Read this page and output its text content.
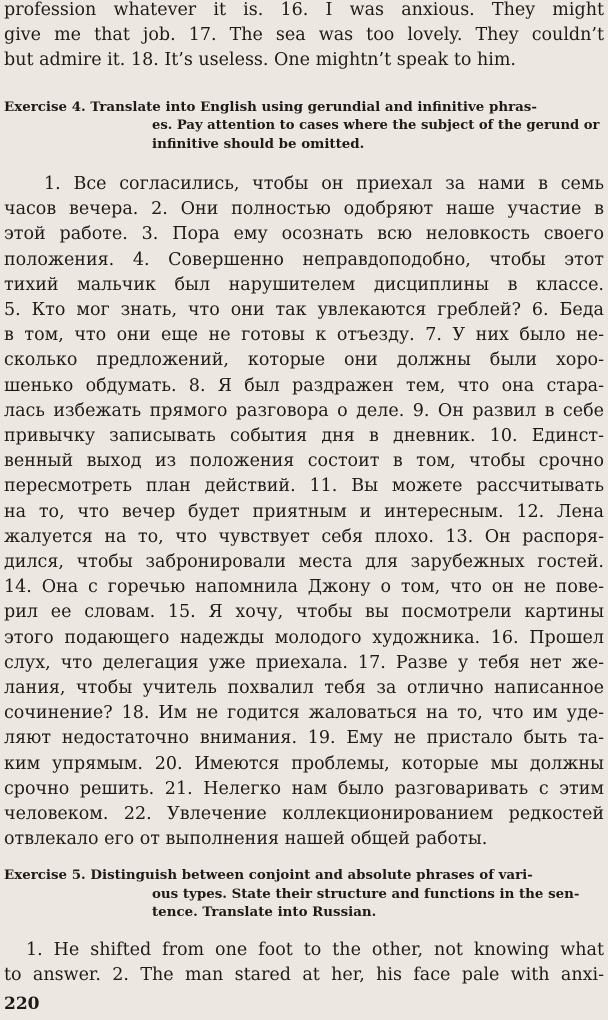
profession whatever it is. 16. I was anxious. They might
give me that job. 17. The sea was too lovely. They couldn’t
but admire it. 18. It’s useless. One mightn’t speak to him.
Exercise 4. Translate into English using gerundial and infinitive phras-
es. Pay attention to cases where the subject of the gerund or
infinitive should be omitted.
1. Все согласились, чтобы он приехал за нами в семь
часов вечера. 2. Они полностью одобряют наше участие в
этой работе. 3. Пора ему осознать всю неловкость своего
положения. 4. Совершенно неправдоподобно, чтобы этот
тихий мальчик был нарушителем дисциплины в классе.
5. Кто мог знать, что они так увлекаются греблей? 6. Беда
в том, что они еще не готовы к отъезду. 7. У них было не-
сколько предложений, которые они должны были хоро-
шенько обдумать. 8. Я был раздражен тем, что она стара-
лась избежать прямого разговора о деле. 9. Он развил в себе
привычку записывать события дня в дневник. 10. Единст-
венный выход из положения состоит в том, чтобы срочно
пересмотреть план действий. 11. Вы можете рассчитывать
на то, что вечер будет приятным и интересным. 12. Лена
жалуется на то, что чувствует себя плохо. 13. Он распоря-
дился, чтобы забронировали места для зарубежных гостей.
14. Она с горечью напомнила Джону о том, что он не пове-
рил ее словам. 15. Я хочу, чтобы вы посмотрели картины
этого подающего надежды молодого художника. 16. Прошел
слух, что делегация уже приехала. 17. Разве у тебя нет же-
лания, чтобы учитель похвалил тебя за отлично написанное
сочинение? 18. Им не годится жаловаться на то, что им уде-
ляют недостаточно внимания. 19. Ему не пристало быть та-
ким упрямым. 20. Имеются проблемы, которые мы должны
срочно решить. 21. Нелегко нам было разговаривать с этим
человеком. 22. Увлечение коллекционированием редкостей
отвлекало его от выполнения нашей общей работы.
Exercise 5. Distinguish between conjoint and absolute phrases of vari-
ous types. State their structure and functions in the sen-
tence. Translate into Russian.
1. He shifted from one foot to the other, not knowing what
to answer. 2. The man stared at her, his face pale with anxi-
220
